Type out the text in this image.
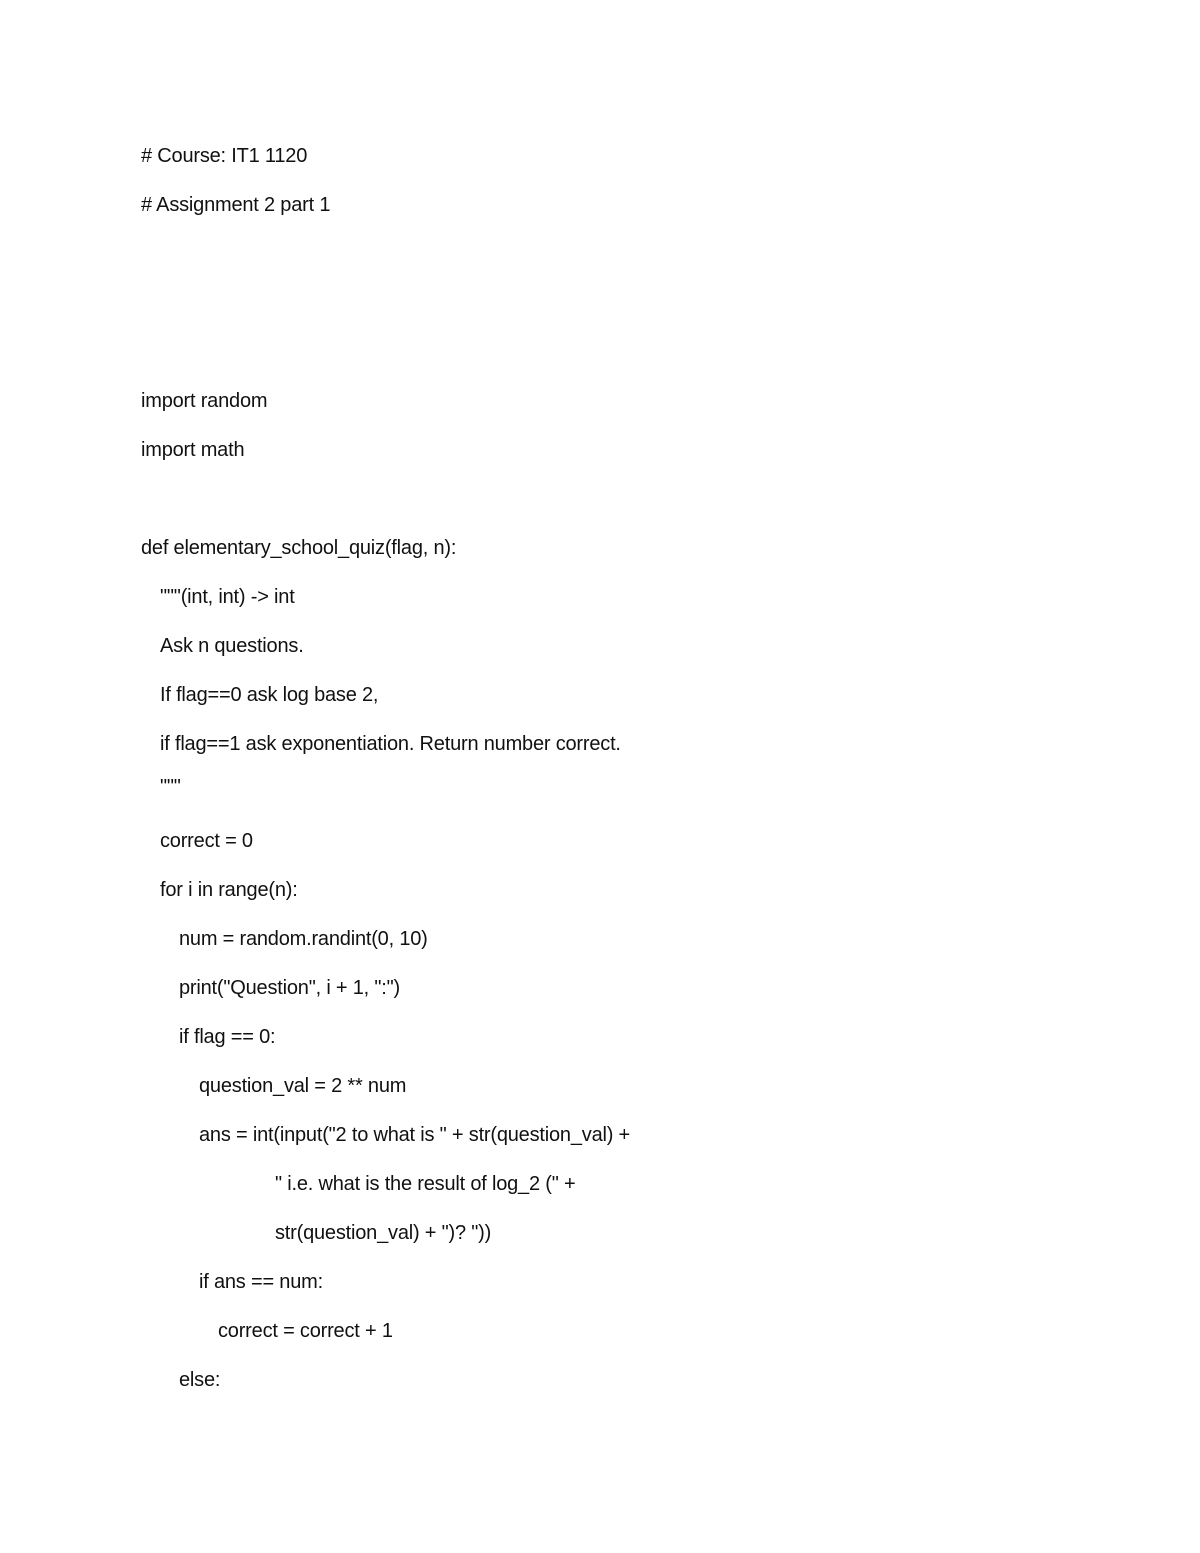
# Course: IT1 1120
# Assignment 2 part 1
import random
import math
def elementary_school_quiz(flag, n):
"""(int, int) -> int
Ask n questions.
If flag==0 ask log base 2,
if flag==1 ask exponentiation. Return number correct.
"""
correct = 0
for i in range(n):
num = random.randint(0, 10)
print("Question", i + 1, ":")
if flag == 0:
question_val = 2 ** num
ans = int(input("2 to what is " + str(question_val) +
" i.e. what is the result of log_2 (" +
str(question_val) + ")? "))
if ans == num:
correct = correct + 1
else:
